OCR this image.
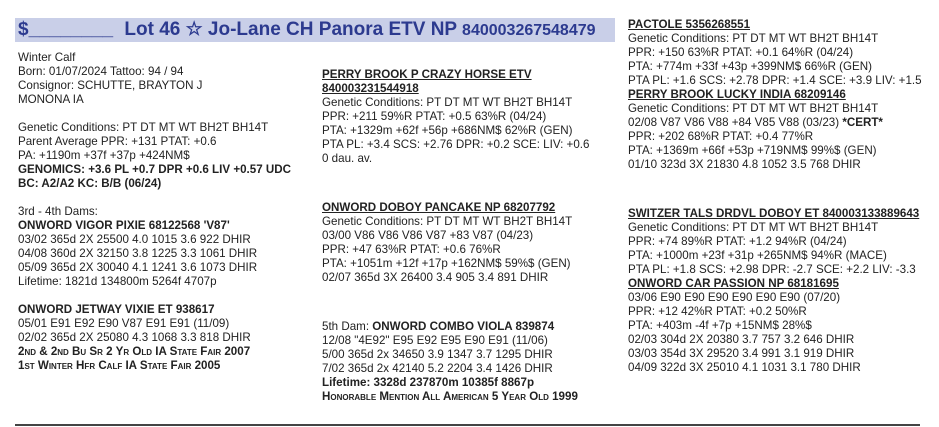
$________ Lot 46 ☆ Jo-Lane CH Panora ETV NP 840003267548479
Winter Calf
Born: 01/07/2024 Tattoo: 94 / 94
Consignor: SCHUTTE, BRAYTON J
MONONA IA
Genetic Conditions: PT DT MT WT BH2T BH14T
Parent Average PPR: +131 PTAT: +0.6
PA: +1190m +37f +37p +424NM$
GENOMICS: +3.6 PL +0.7 DPR +0.6 LIV +0.57 UDC
BC: A2/A2 KC: B/B (06/24)
3rd - 4th Dams:
ONWORD VIGOR PIXIE 68122568 'V87'
03/02 365d 2X 25500 4.0 1015 3.6 922 DHIR
04/08 360d 2X 32150 3.8 1225 3.3 1061 DHIR
05/09 365d 2X 30040 4.1 1241 3.6 1073 DHIR
Lifetime: 1821d 134800m 5264f 4707p
ONWORD JETWAY VIXIE ET 938617
05/01 E91 E92 E90 V87 E91 E91 (11/09)
02/02 365d 2X 25080 4.3 1068 3.3 818 DHIR
2nd & 2nd Bu Sr 2 Yr Old IA State Fair 2007
1st Winter Hfr Calf IA State Fair 2005
PERRY BROOK P CRAZY HORSE ETV
840003231544918
Genetic Conditions: PT DT MT WT BH2T BH14T
PPR: +211 59%R PTAT: +0.5 63%R (04/24)
PTA: +1329m +62f +56p +686NM$ 62%R (GEN)
PTA PL: +3.4 SCS: +2.76 DPR: +0.2 SCE: LIV: +0.6
0 dau. av.
ONWORD DOBOY PANCAKE NP 68207792
Genetic Conditions: PT DT MT WT BH2T BH14T
03/00 V86 V86 V86 V87 +83 V87 (04/23)
PPR: +47 63%R PTAT: +0.6 76%R
PTA: +1051m +12f +17p +162NM$ 59%$ (GEN)
02/07 365d 3X 26400 3.4 905 3.4 891 DHIR
5th Dam: ONWORD COMBO VIOLA 839874
12/08 "4E92" E95 E92 E95 E90 E91 (11/06)
5/00 365d 2x 34650 3.9 1347 3.7 1295 DHIR
7/02 365d 2x 42140 5.2 2204 3.4 1426 DHIR
Lifetime: 3328d 237870m 10385f 8867p
Honorable Mention All American 5 Year Old 1999
PACTOLE 5356268551
Genetic Conditions: PT DT MT WT BH2T BH14T
PPR: +150 63%R PTAT: +0.1 64%R (04/24)
PTA: +774m +33f +43p +399NM$ 66%R (GEN)
PTA PL: +1.6 SCS: +2.78 DPR: +1.4 SCE: +3.9 LIV: +1.5
PERRY BROOK LUCKY INDIA 68209146
Genetic Conditions: PT DT MT WT BH2T BH14T
02/08 V87 V86 V88 +84 V85 V88 (03/23) *CERT*
PPR: +202 68%R PTAT: +0.4 77%R
PTA: +1369m +66f +53p +719NM$ 99%$ (GEN)
01/10 323d 3X 21830 4.8 1052 3.5 768 DHIR
SWITZER TALS DRDVL DOBOY ET 840003133889643
Genetic Conditions: PT DT MT WT BH2T BH14T
PPR: +74 89%R PTAT: +1.2 94%R (04/24)
PTA: +1000m +23f +31p +265NM$ 94%R (MACE)
PTA PL: +1.8 SCS: +2.98 DPR: -2.7 SCE: +2.2 LIV: -3.3
ONWORD CAR PASSION NP 68181695
03/06 E90 E90 E90 E90 E90 E90 (07/20)
PPR: +12 42%R PTAT: +0.2 50%R
PTA: +403m -4f +7p +15NM$ 28%$
02/03 304d 2X 20380 3.7 757 3.2 646 DHIR
03/03 354d 3X 29520 3.4 991 3.1 919 DHIR
04/09 322d 3X 25010 4.1 1031 3.1 780 DHIR
